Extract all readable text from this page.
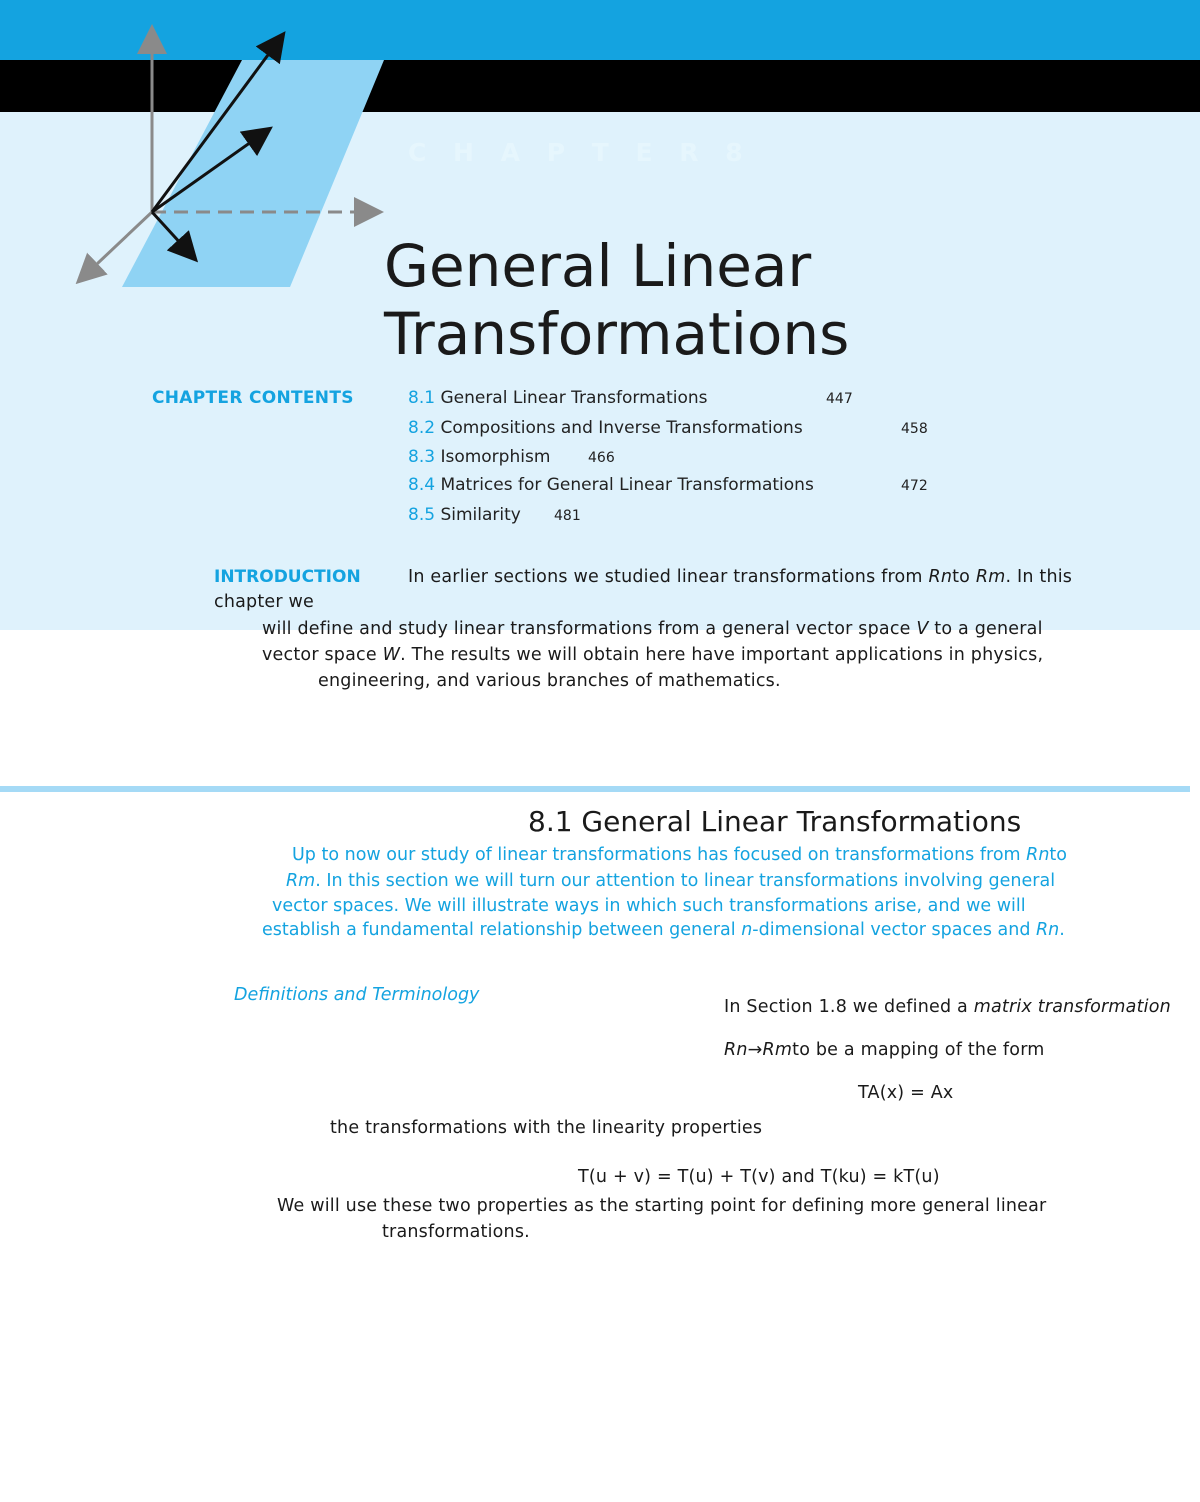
C H A P T E R 8
General Linear
Transformations
CHAPTER CONTENTS	8.1 General Linear Transformations	447
8.2 Compositions and Inverse Transformations	458
8.3 Isomorphism	466
8.4 Matrices for General Linear Transformations	472
8.5 Similarity 481
INTRODUCTION	In earlier sections we studied linear transformations from Rnto Rm. In this
chapter we
will define and study linear transformations from a general vector space V to a general
vector space W. The results we will obtain here have important applications in physics,
engineering, and various branches of mathematics.
8.1 General Linear Transformations
Up to now our study of linear transformations has focused on transformations from Rnto
Rm. In this section we will turn our attention to linear transformations involving general
vector spaces. We will illustrate ways in which such transformations arise, and we will
establish a fundamental relationship between general n-dimensional vector spaces and Rn.
Definitions and Terminology
In Section 1.8 we defined a matrix transformation
Rn→Rmto be a mapping of the form
TA(x) = Ax
the transformations with the linearity properties
T(u + v) = T(u) + T(v) and T(ku) = kT(u)
We will use these two properties as the starting point for defining more general linear
transformations.
